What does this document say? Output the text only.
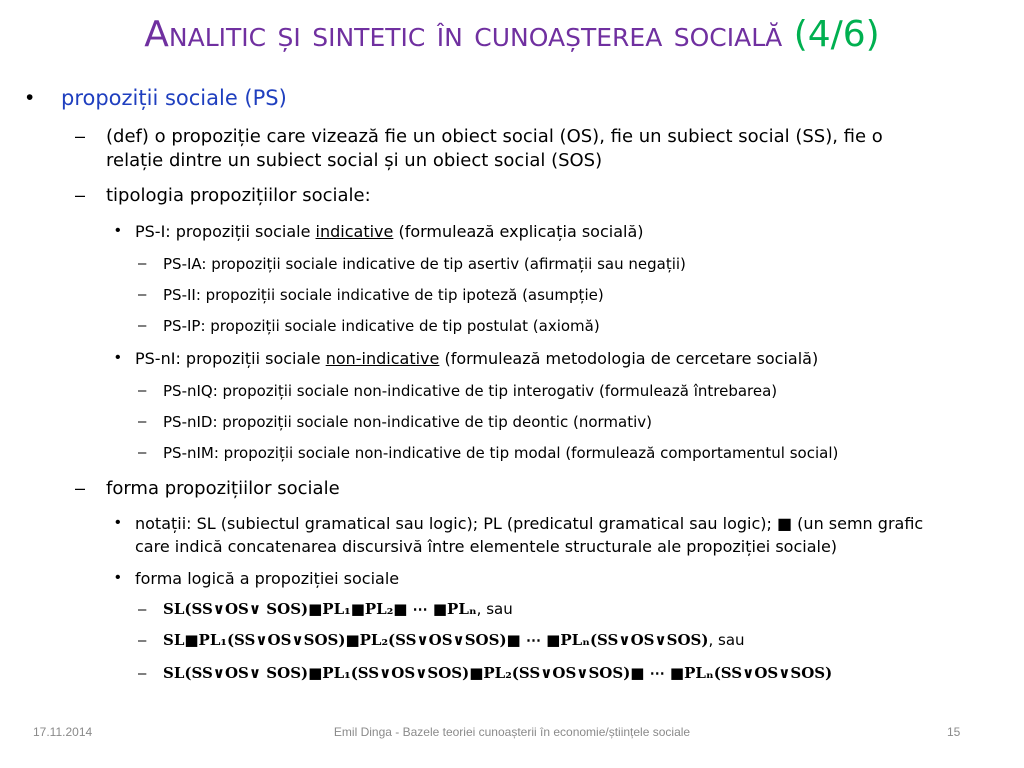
Analitic și sintetic în cunoașterea socială (4/6)
• propoziții sociale (PS)
– (def) o propoziție care vizează fie un obiect social (OS), fie un subiect social (SS), fie o
relație dintre un subiect social și un obiect social (SOS)
– tipologia propozițiilor sociale:
• PS-I: propoziții sociale indicative (formulează explicația socială)
– PS-IA: propoziții sociale indicative de tip asertiv (afirmații sau negații)
– PS-II: propoziții sociale indicative de tip ipoteză (asumpție)
– PS-IP: propoziții sociale indicative de tip postulat (axiomă)
• PS-nI: propoziții sociale non-indicative (formulează metodologia de cercetare socială)
– PS-nIQ: propoziții sociale non-indicative de tip interogativ (formulează întrebarea)
– PS-nID: propoziții sociale non-indicative de tip deontic (normativ)
– PS-nIM: propoziții sociale non-indicative de tip modal (formulează comportamentul social)
– forma propozițiilor sociale
• notații: SL (subiectul gramatical sau logic); PL (predicatul gramatical sau logic); ■ (un semn grafic
care indică concatenarea discursivă între elementele structurale ale propoziției sociale)
• forma logică a propoziției sociale
– SL(SS∨OS∨ SOS)■PL₁■PL₂■ ⋯ ■PLₙ, sau
– SL■PL₁(SS∨OS∨SOS)■PL₂(SS∨OS∨SOS)■ ⋯ ■PLₙ(SS∨OS∨SOS), sau
– SL(SS∨OS∨ SOS)■PL₁(SS∨OS∨SOS)■PL₂(SS∨OS∨SOS)■ ⋯ ■PLₙ(SS∨OS∨SOS)
17.11.2014	Emil Dinga - Bazele teoriei cunoașterii în economie/științele sociale	15
